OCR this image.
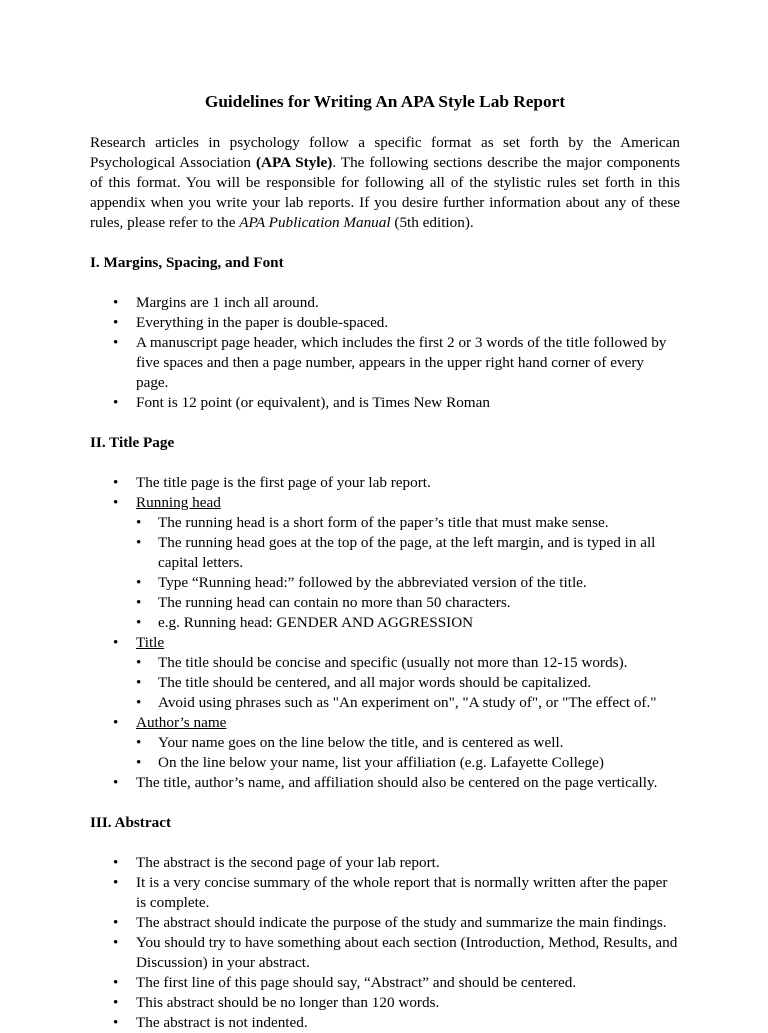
Guidelines for Writing An APA Style Lab Report

Research articles in psychology follow a specific format as set forth by the American Psychological Association (APA Style). The following sections describe the major components of this format. You will be responsible for following all of the stylistic rules set forth in this appendix when you write your lab reports. If you desire further information about any of these rules, please refer to the APA Publication Manual (5th edition).

I. Margins, Spacing, and Font
• Margins are 1 inch all around.
• Everything in the paper is double-spaced.
• A manuscript page header, which includes the first 2 or 3 words of the title followed by five spaces and then a page number, appears in the upper right hand corner of every page.
• Font is 12 point (or equivalent), and is Times New Roman
II. Title Page
• The title page is the first page of your lab report.
• Running head
• The running head is a short form of the paper’s title that must make sense.
• The running head goes at the top of the page, at the left margin, and is typed in all capital letters.
• Type “Running head:” followed by the abbreviated version of the title.
• The running head can contain no more than 50 characters.
• e.g. Running head: GENDER AND AGGRESSION
• Title
• The title should be concise and specific (usually not more than 12-15 words).
• The title should be centered, and all major words should be capitalized.
• Avoid using phrases such as "An experiment on", "A study of", or "The effect of."
• Author’s name
• Your name goes on the line below the title, and is centered as well.
• On the line below your name, list your affiliation (e.g. Lafayette College)
• The title, author’s name, and affiliation should also be centered on the page vertically.
III. Abstract
• The abstract is the second page of your lab report.
• It is a very concise summary of the whole report that is normally written after the paper is complete.
• The abstract should indicate the purpose of the study and summarize the main findings.
• You should try to have something about each section (Introduction, Method, Results, and Discussion) in your abstract.
• The first line of this page should say, “Abstract” and should be centered.
• This abstract should be no longer than 120 words.
• The abstract is not indented.
